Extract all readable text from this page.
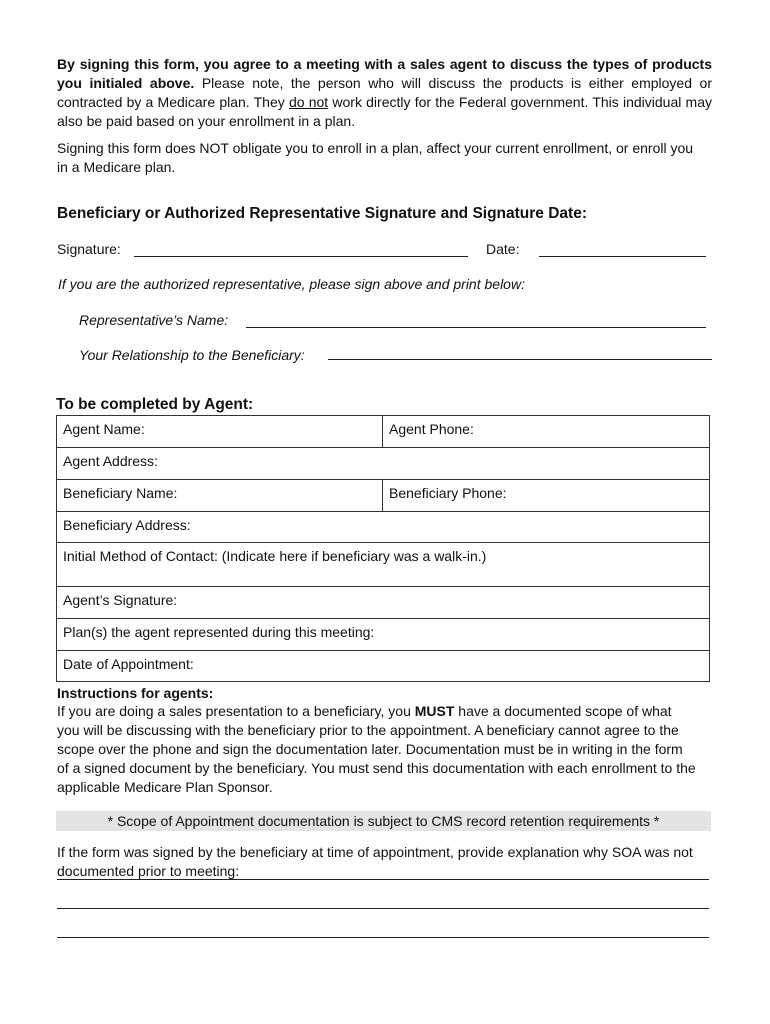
By signing this form, you agree to a meeting with a sales agent to discuss the types of products you initialed above. Please note, the person who will discuss the products is either employed or contracted by a Medicare plan. They do not work directly for the Federal government. This individual may also be paid based on your enrollment in a plan.
Signing this form does NOT obligate you to enroll in a plan, affect your current enrollment, or enroll you in a Medicare plan.
Beneficiary or Authorized Representative Signature and Signature Date:
Signature:	Date:
If you are the authorized representative, please sign above and print below:
Representative’s Name:
Your Relationship to the Beneficiary:
To be completed by Agent:
Agent Name:	Agent Phone:
Agent Address:	
Beneficiary Name:	Beneficiary Phone:
Beneficiary Address:	
Initial Method of Contact: (Indicate here if beneficiary was a walk-in.)	
Agent’s Signature:	
Plan(s) the agent represented during this meeting:	
Date of Appointment:	
Instructions for agents:
If you are doing a sales presentation to a beneficiary, you MUST have a documented scope of what you will be discussing with the beneficiary prior to the appointment. A beneficiary cannot agree to the scope over the phone and sign the documentation later. Documentation must be in writing in the form of a signed document by the beneficiary. You must send this documentation with each enrollment to the applicable Medicare Plan Sponsor.
* Scope of Appointment documentation is subject to CMS record retention requirements *
If the form was signed by the beneficiary at time of appointment, provide explanation why SOA was not documented prior to meeting:
